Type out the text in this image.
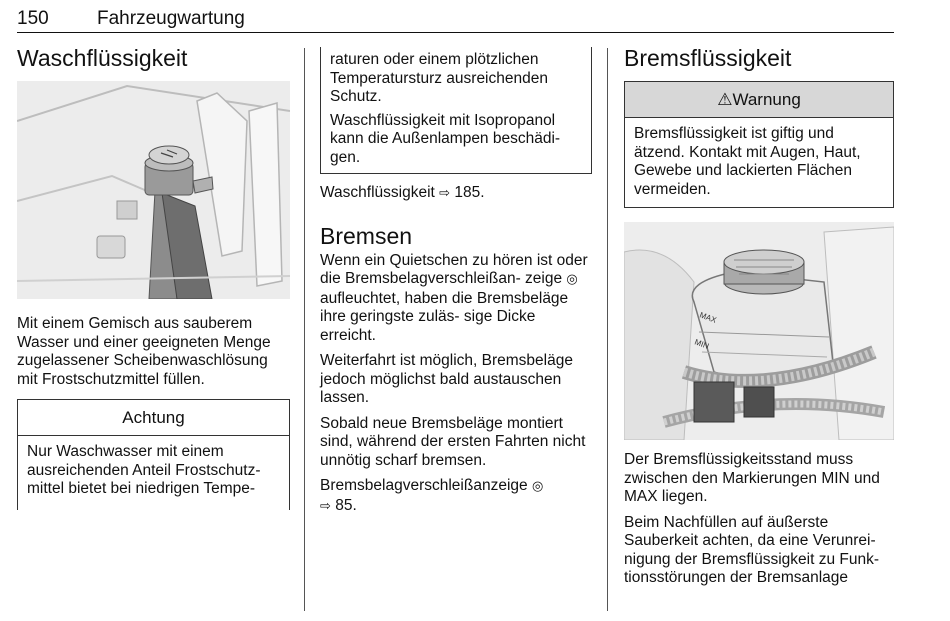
150	Fahrzeugwartung
Waschflüssigkeit

Mit einem Gemisch aus sauberem Wasser und einer geeigneten Menge zugelassener Scheibenwaschlösung mit Frostschutzmittel füllen.

Achtung
Nur Waschwasser mit einem ausreichenden Anteil Frostschutz- mittel bietet bei niedrigen Tempe-

raturen oder einem plötzlichen Temperatursturz ausreichenden Schutz.

Waschflüssigkeit mit Isopropanol kann die Außenlampen beschädi- gen.

Waschflüssigkeit ⇨ 185.

Bremsen

Wenn ein Quietschen zu hören ist oder die Bremsbelagverschleißan- zeige ◎ aufleuchtet, haben die Bremsbeläge ihre geringste zuläs- sige Dicke erreicht.

Weiterfahrt ist möglich, Bremsbeläge jedoch möglichst bald austauschen lassen.

Sobald neue Bremsbeläge montiert sind, während der ersten Fahrten nicht unnötig scharf bremsen.

Bremsbelagverschleißanzeige ◎
⇨ 85.

Bremsflüssigkeit
⚠Warnung
Bremsflüssigkeit ist giftig und ätzend. Kontakt mit Augen, Haut, Gewebe und lackierten Flächen vermeiden.
MAX
MIN

Der Bremsflüssigkeitsstand muss zwischen den Markierungen MIN und MAX liegen.

Beim Nachfüllen auf äußerste Sauberkeit achten, da eine Verunrei- nigung der Bremsflüssigkeit zu Funk- tionsstörungen der Bremsanlage
